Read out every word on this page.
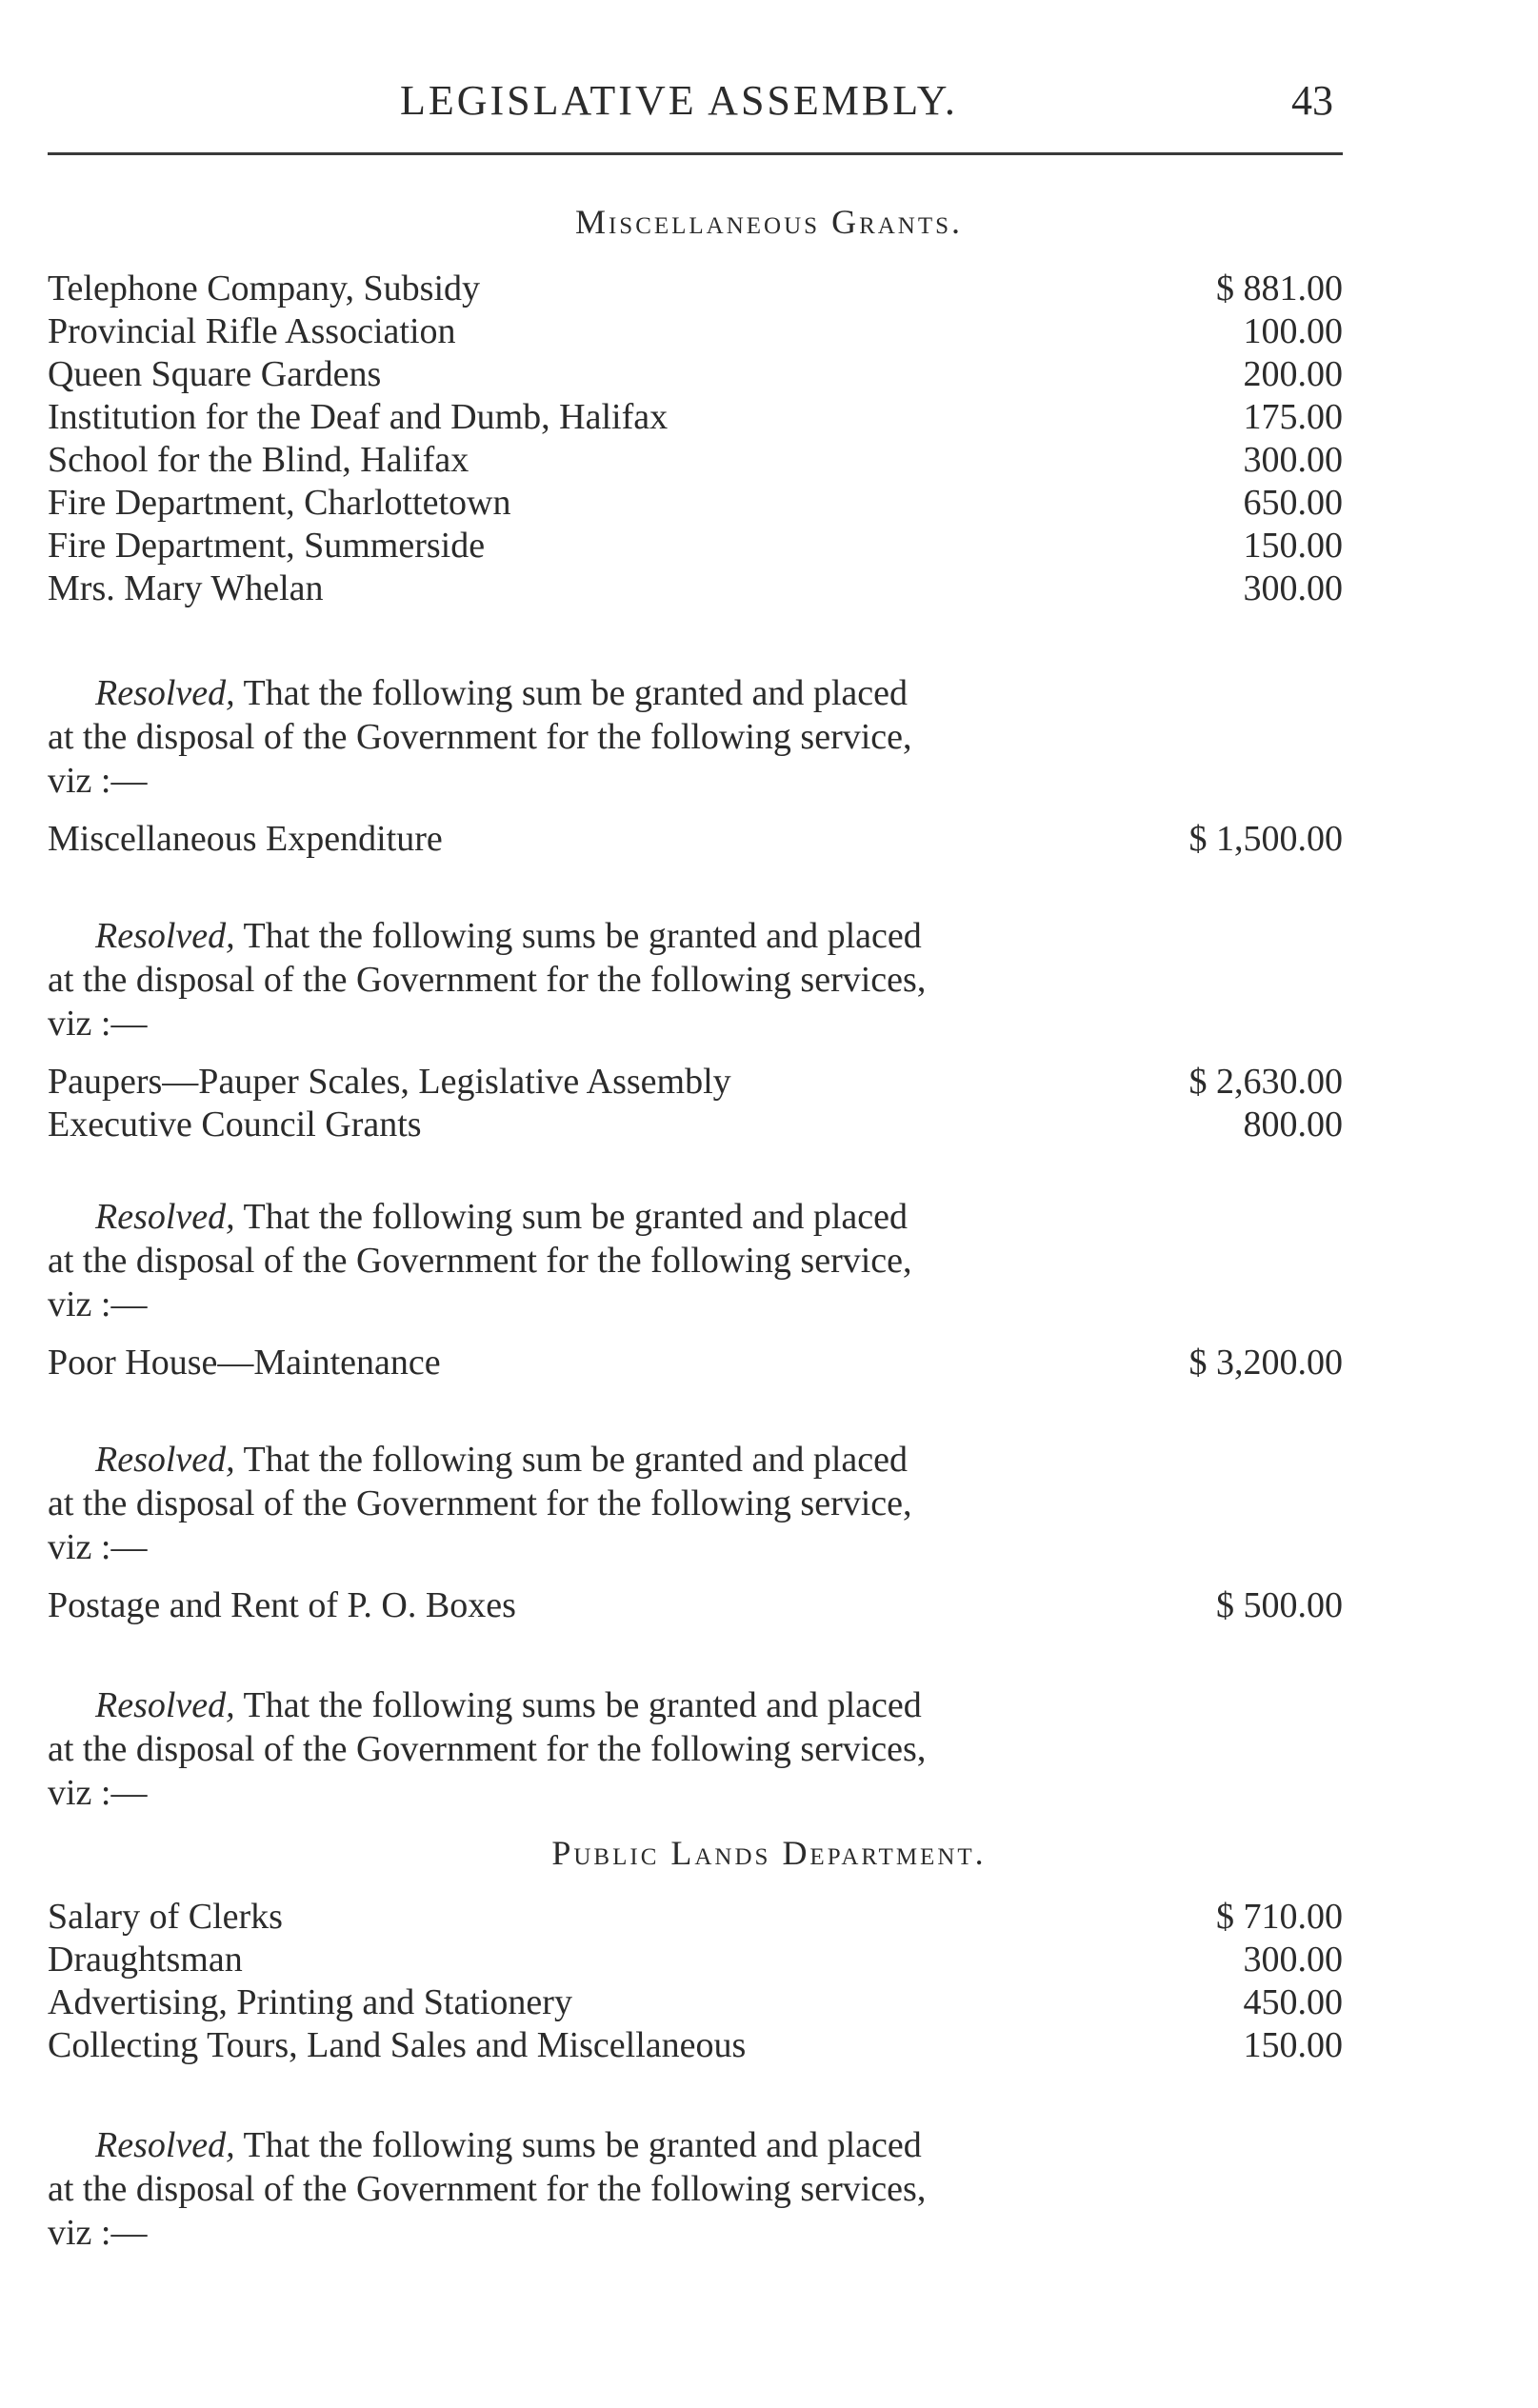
LEGISLATIVE ASSEMBLY.	43
Miscellaneous Grants.
Telephone Company, Subsidy	$ 881.00
Provincial Rifle Association	100.00
Queen Square Gardens	200.00
Institution for the Deaf and Dumb, Halifax	175.00
School for the Blind, Halifax	300.00
Fire Department, Charlottetown	650.00
Fire Department, Summerside	150.00
Mrs. Mary Whelan	300.00
Resolved, That the following sum be granted and placed
at the disposal of the Government for the following service,
viz :—
Miscellaneous Expenditure	$ 1,500.00
Resolved, That the following sums be granted and placed
at the disposal of the Government for the following services,
viz :—
Paupers—Pauper Scales, Legislative Assembly	$ 2,630.00
Executive Council Grants	800.00
Resolved, That the following sum be granted and placed
at the disposal of the Government for the following service,
viz :—
Poor House—Maintenance	$ 3,200.00
Resolved, That the following sum be granted and placed
at the disposal of the Government for the following service,
viz :—
Postage and Rent of P. O. Boxes	$ 500.00
Resolved, That the following sums be granted and placed
at the disposal of the Government for the following services,
viz :—
Public Lands Department.
Salary of Clerks	$ 710.00
Draughtsman	300.00
Advertising, Printing and Stationery	450.00
Collecting Tours, Land Sales and Miscellaneous	150.00
Resolved, That the following sums be granted and placed
at the disposal of the Government for the following services,
viz :—
